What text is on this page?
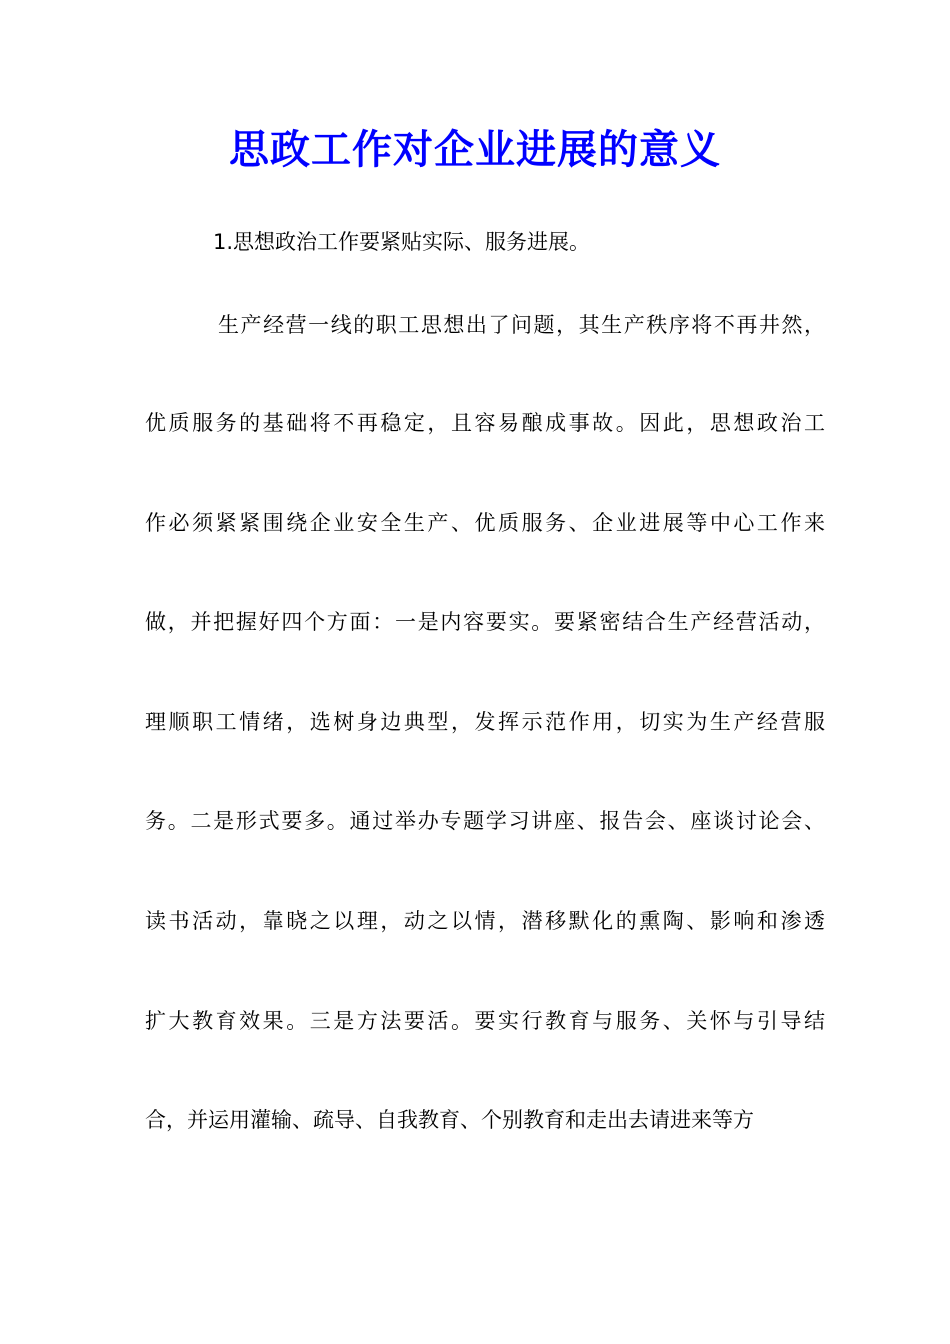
思政工作对企业进展的意义
1.思想政治工作要紧贴实际、服务进展。
生产经营一线的职工思想出了问题，其生产秩序将不再井然，
优质服务的基础将不再稳定，且容易酿成事故。因此，思想政治工
作必须紧紧围绕企业安全生产、优质服务、企业进展等中心工作来
做，并把握好四个方面：一是内容要实。要紧密结合生产经营活动，
理顺职工情绪，选树身边典型，发挥示范作用，切实为生产经营服
务。二是形式要多。通过举办专题学习讲座、报告会、座谈讨论会、
读书活动，靠晓之以理，动之以情，潜移默化的熏陶、影响和渗透
扩大教育效果。三是方法要活。要实行教育与服务、关怀与引导结
合，并运用灌输、疏导、自我教育、个别教育和走出去请进来等方
